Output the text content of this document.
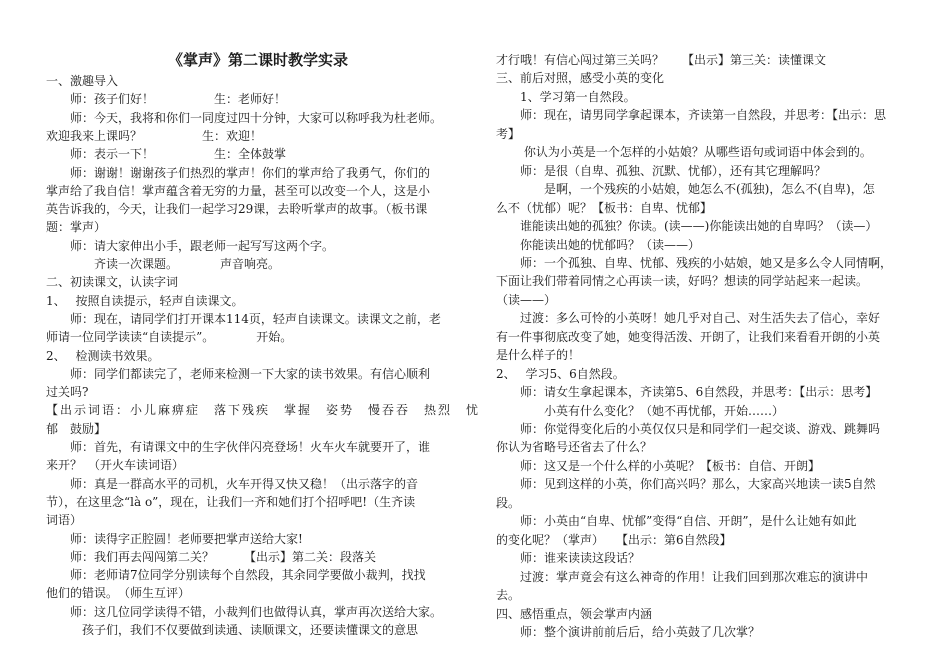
《掌声》第二课时教学实录
一、激趣导入
　　师：孩子们好！　　　　　生：老师好！
　　师：今天，我将和你们一同度过四十分钟，大家可以称呼我为杜老师。
欢迎我来上课吗？　　　　　生：欢迎！
　　师：表示一下！　　　　　生：全体鼓掌
　　师：谢谢！谢谢孩子们热烈的掌声！你们的掌声给了我勇气，你们的
掌声给了我自信！掌声蕴含着无穷的力量，甚至可以改变一个人，这是小
英告诉我的，今天，让我们一起学习29课，去聆听掌声的故事。（板书课
题：掌声）
　　师：请大家伸出小手，跟老师一起写写这两个字。
　　　　齐读一次课题。　　　　声音响亮。
二、初读课文，认读字词
1、　 按照自读提示，轻声自读课文。
　　师：现在，请同学们打开课本114页，轻声自读课文。读课文之前，老
师请一位同学读读“自读提示”。　　　　开始。
2、　 检测读书效果。
　　师：同学们都读完了，老师来检测一下大家的读书效果。有信心顺利
过关吗?
【出示词语：小儿麻痹症　落下残疾　掌握　姿势　慢吞吞　热烈　忧
郁　鼓励】
　　师：首先，有请课文中的生字伙伴闪亮登场！火车火车就要开了，谁
来开？　（开火车读词语）
　　师：真是一群高水平的司机，火车开得又快又稳！（出示落字的音
节），在这里念“là o”，现在，让我们一齐和她们打个招呼吧!（生齐读
词语）
　　师：读得字正腔圆！老师要把掌声送给大家!
　　师：我们再去闯闯第二关？　　　【出示】第二关：段落关
　　师：老师请7位同学分别读每个自然段，其余同学要做小裁判，找找
他们的错误。　（师生互评）
　　师：这几位同学读得不错，小裁判们也做得认真，掌声再次送给大家。
　　　孩子们，我们不仅要做到读通、读顺课文，还要读懂课文的意思
才行哦！有信心闯过第三关吗？　　【出示】第三关：读懂课文
三、前后对照，感受小英的变化
　　1、学习第一自然段。
　　师：现在，请男同学拿起课本，齐读第一自然段，并思考：【出示：思
考】
　　 你认为小英是一个怎样的小姑娘？从哪些语句或词语中体会到的。
　　师：是很（自卑、孤独、沉默、忧郁），还有其它理解吗？
　　　　是啊，一个残疾的小姑娘，她怎么不(孤独)，怎么不(自卑)，怎
么不（忧郁）呢？【板书：自卑、忧郁】
　　谁能读出她的孤独？你读。(读——)你能读出她的自卑吗？（读—）
　　你能读出她的忧郁吗？（读——）
　　师：一个孤独、自卑、忧郁、残疾的小姑娘，她又是多么令人同情啊，
下面让我们带着同情之心再读一读，好吗？想读的同学站起来一起读。
（读——）
　　过渡：多么可怜的小英呀！她几乎对自己、对生活失去了信心，幸好
有一件事彻底改变了她，她变得活泼、开朗了，让我们来看看开朗的小英
是什么样子的！
2、　 学习5、6自然段。
　　师：请女生拿起课本，齐读第5、6自然段，并思考：【出示：思考】
　　　　小英有什么变化？（她不再忧郁，开始……）
　　师：你觉得变化后的小英仅仅只是和同学们一起交谈、游戏、跳舞吗
你认为省略号还省去了什么？
　　师：这又是一个什么样的小英呢？【板书：自信、开朗】
　　师：见到这样的小英，你们高兴吗？那么，大家高兴地读一读5自然
段。
　　师：小英由“自卑、忧郁”变得“自信、开朗”，是什么让她有如此
的变化呢？（掌声）　　【出示：第6自然段】
　　师：谁来读读这段话？
　　过渡：掌声竟会有这么神奇的作用！让我们回到那次难忘的演讲中
去。
四、感悟重点，领会掌声内涵
　　师：整个演讲前前后后，给小英鼓了几次掌？
